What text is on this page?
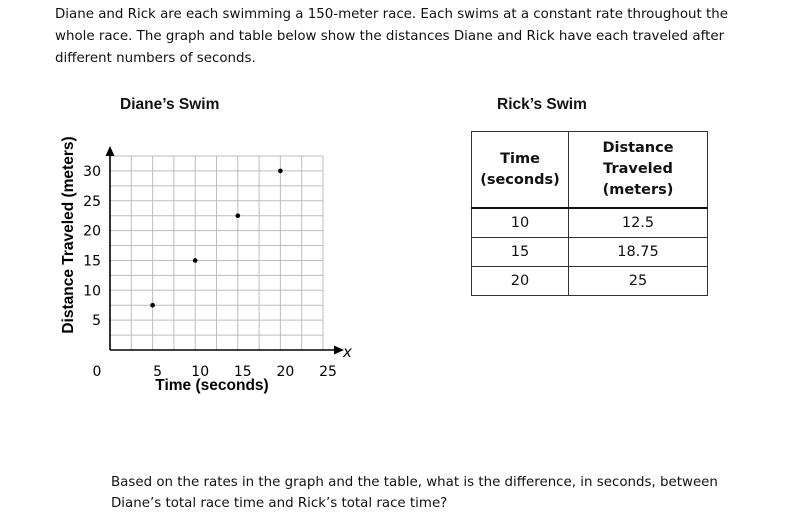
Diane and Rick are each swimming a 150-meter race. Each swims at a constant rate throughout the whole race. The graph and table below show the distances Diane and Rick have each traveled after different numbers of seconds.
Diane’s Swim
5 10 15 20 25
5
10
15
20
25
30
Time (seconds)
Distance Traveled (meters)
x
0
Rick’s Swim
Time
(seconds)	Distance
Traveled
(meters)
10	12.5
15	18.75
20	25
Based on the rates in the graph and the table, what is the difference, in seconds, between Diane’s total race time and Rick’s total race time?
